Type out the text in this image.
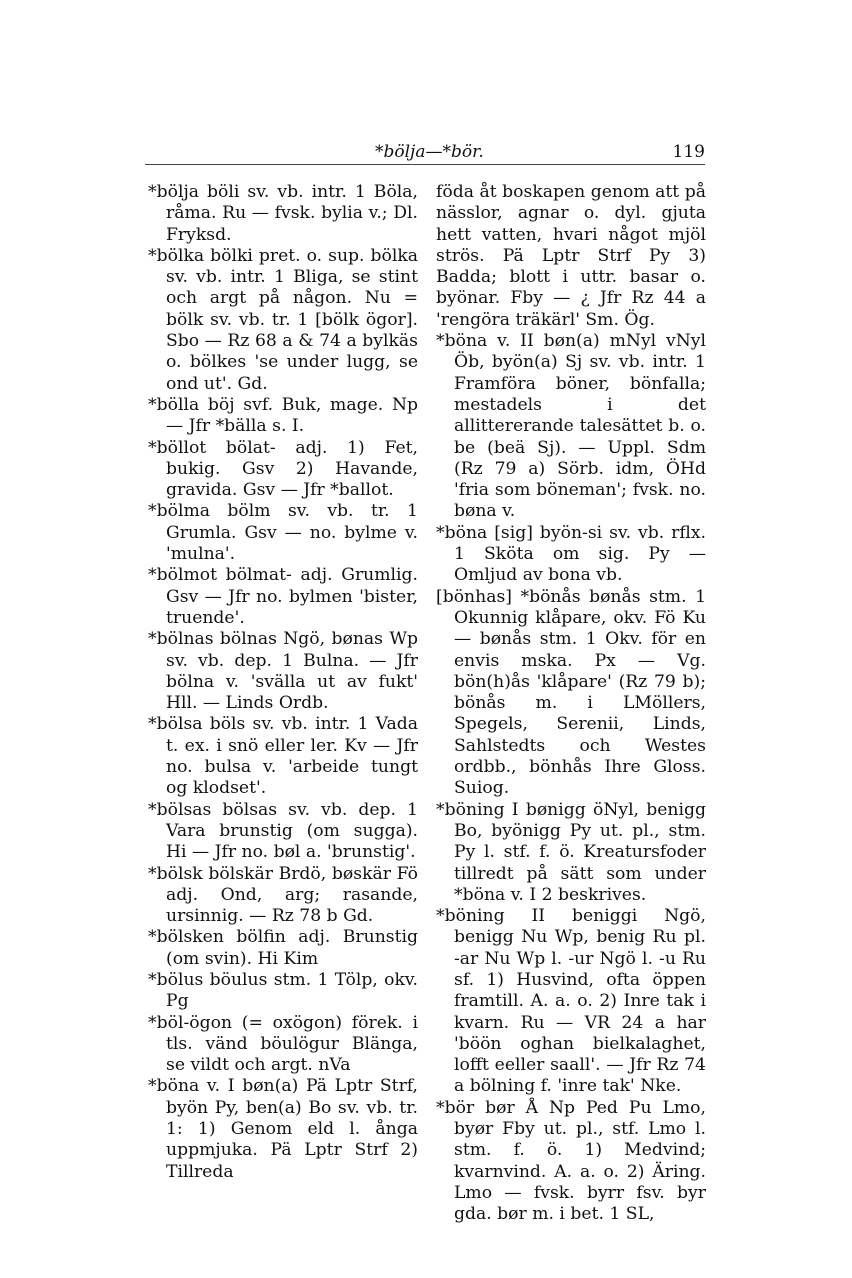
*bölja—*bör.	119

*bölja böli sv. vb. intr. 1 Böla, råma. Ru — fvsk. bylia v.; Dl. Fryksd.

*bölka bölki pret. o. sup. bölka sv. vb. intr. 1 Bliga, se stint och argt på någon. Nu = bölk sv. vb. tr. 1 [bölk ögor]. Sbo — Rz 68 a & 74 a bylkäs o. bölkes 'se under lugg, se ond ut'. Gd.

*bölla böj svf. Buk, mage. Np — Jfr *bälla s. I.

*böllot bölat- adj. 1) Fet, bukig. Gsv 2) Havande, gravida. Gsv — Jfr *ballot.

*bölma bölm sv. vb. tr. 1 Grumla. Gsv — no. bylme v. 'mulna'.

*bölmot bölmat- adj. Grumlig. Gsv — Jfr no. bylmen 'bister, truende'.

*bölnas bölnas Ngö, bønas Wp sv. vb. dep. 1 Bulna. — Jfr bölna v. 'svälla ut av fukt' Hll. — Linds Ordb.

*bölsa böls sv. vb. intr. 1 Vada t. ex. i snö eller ler. Kv — Jfr no. bulsa v. 'arbeide tungt og klodset'.

*bölsas bölsas sv. vb. dep. 1 Vara brunstig (om sugga). Hi — Jfr no. bøl a. 'brunstig'.

*bölsk bölskär Brdö, bøskär Fö adj. Ond, arg; rasande, ursinnig. — Rz 78 b Gd.

*bölsken bölfin adj. Brunstig (om svin). Hi Kim

*bölus böulus stm. 1 Tölp, okv. Pg

*böl-ögon (= oxögon) förek. i tls. vänd böulögur Blänga, se vildt och argt. nVa

*böna v. I bøn(a) Pä Lptr Strf, byön Py, ben(a) Bo sv. vb. tr. 1: 1) Genom eld l. ånga uppmjuka. Pä Lptr Strf 2) Tillreda

föda åt boskapen genom att på nässlor, agnar o. dyl. gjuta hett vatten, hvari något mjöl strös. Pä Lptr Strf Py 3) Badda; blott i uttr. basar o. byönar. Fby — ¿ Jfr Rz 44 a 'rengöra träkärl' Sm. Ög.

*böna v. II bøn(a) mNyl vNyl Öb, byön(a) Sj sv. vb. intr. 1 Framföra böner, bönfalla; mestadels i det allittererande talesättet b. o. be (beä Sj). — Uppl. Sdm (Rz 79 a) Sörb. idm, ÖHd 'fria som böneman'; fvsk. no. bøna v.

*böna [sig] byön-si sv. vb. rflx. 1 Sköta om sig. Py — Omljud av bona vb.

[bönhas] *bönås bønås stm. 1 Okunnig klåpare, okv. Fö Ku — bønås stm. 1 Okv. för en envis mska. Px — Vg. bön(h)ås 'klåpare' (Rz 79 b); bönås m. i LMöllers, Spegels, Serenii, Linds, Sahlstedts och Westes ordbb., bönhås Ihre Gloss. Suiog.

*böning I bønigg öNyl, benigg Bo, byönigg Py ut. pl., stm. Py l. stf. f. ö. Kreatursfoder tillredt på sätt som under *böna v. I 2 beskrives.

*böning II beniggi Ngö, benigg Nu Wp, benig Ru pl. -ar Nu Wp l. -ur Ngö l. -u Ru sf. 1) Husvind, ofta öppen framtill. A. a. o. 2) Inre tak i kvarn. Ru — VR 24 a har 'böön oghan bielkalaghet, lofft eeller saall'. — Jfr Rz 74 a bölning f. 'inre tak' Nke.

*bör bør Å Np Ped Pu Lmo, byør Fby ut. pl., stf. Lmo l. stm. f. ö. 1) Medvind; kvarnvind. A. a. o. 2) Äring. Lmo — fvsk. byrr fsv. byr gda. bør m. i bet. 1 SL,
